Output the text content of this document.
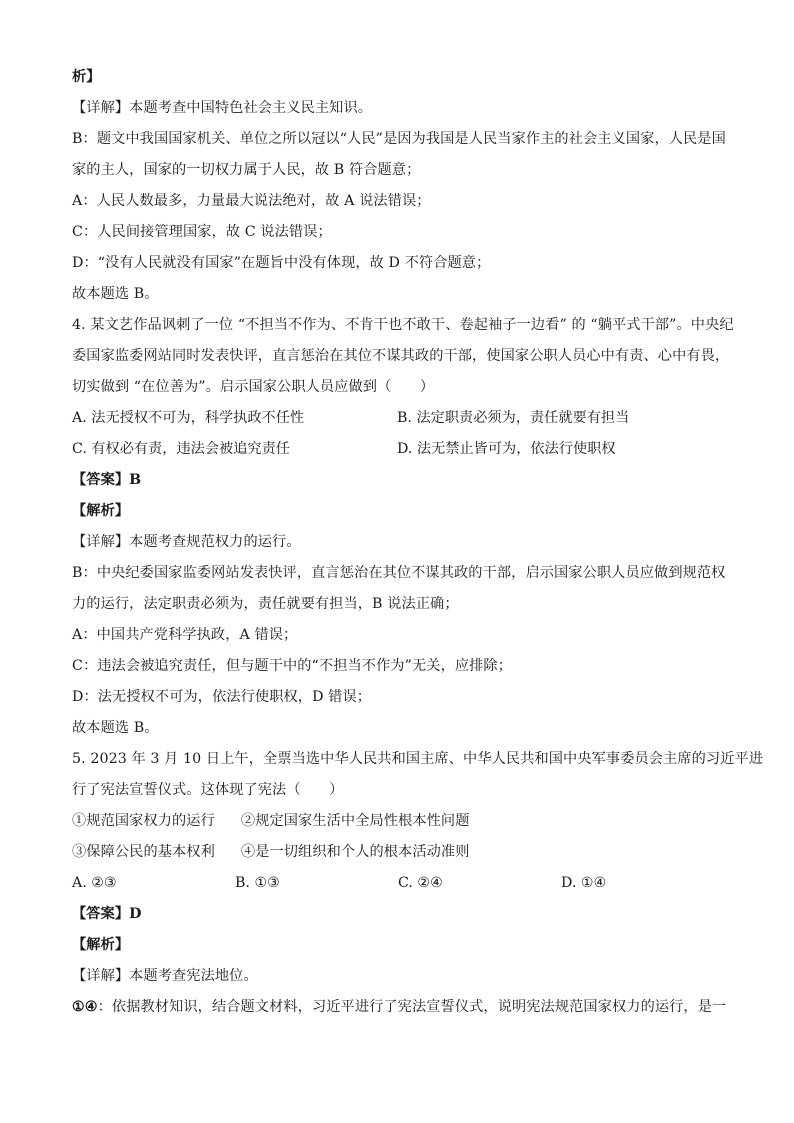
析】
【详解】本题考查中国特色社会主义民主知识。
B：题文中我国国家机关、单位之所以冠以“人民”是因为我国是人民当家作主的社会主义国家，人民是国
家的主人，国家的一切权力属于人民，故 B 符合题意；
A：人民人数最多，力量最大说法绝对，故 A 说法错误；
C：人民间接管理国家，故 C 说法错误；
D：“没有人民就没有国家”在题旨中没有体现，故 D 不符合题意；
故本题选 B。
4. 某文艺作品讽刺了一位 “不担当不作为、不肯干也不敢干、卷起袖子一边看” 的 “躺平式干部”。中央纪
委国家监委网站同时发表快评，直言惩治在其位不谋其政的干部，使国家公职人员心中有责、心中有畏，
切实做到 “在位善为”。启示国家公职人员应做到（　　）
A. 法无授权不可为，科学执政不任性	B. 法定职责必须为，责任就要有担当
C. 有权必有责，违法会被追究责任	D. 法无禁止皆可为，依法行使职权
【答案】B
【解析】
【详解】本题考查规范权力的运行。
B：中央纪委国家监委网站发表快评，直言惩治在其位不谋其政的干部，启示国家公职人员应做到规范权
力的运行，法定职责必须为，责任就要有担当，B 说法正确；
A：中国共产党科学执政，A 错误；
C：违法会被追究责任，但与题干中的“不担当不作为”无关，应排除；
D：法无授权不可为，依法行使职权，D 错误；
故本题选 B。
5. 2023 年 3 月 10 日上午，全票当选中华人民共和国主席、中华人民共和国中央军事委员会主席的习近平进
行了宪法宣誓仪式。这体现了宪法（　　）
①规范国家权力的运行 ②规定国家生活中全局性根本性问题
③保障公民的基本权利 ④是一切组织和个人的根本活动准则
A. ②③	B. ①③	C. ②④	D. ①④
【答案】D
【解析】
【详解】本题考查宪法地位。
①④：依据教材知识，结合题文材料，习近平进行了宪法宣誓仪式，说明宪法规范国家权力的运行，是一
